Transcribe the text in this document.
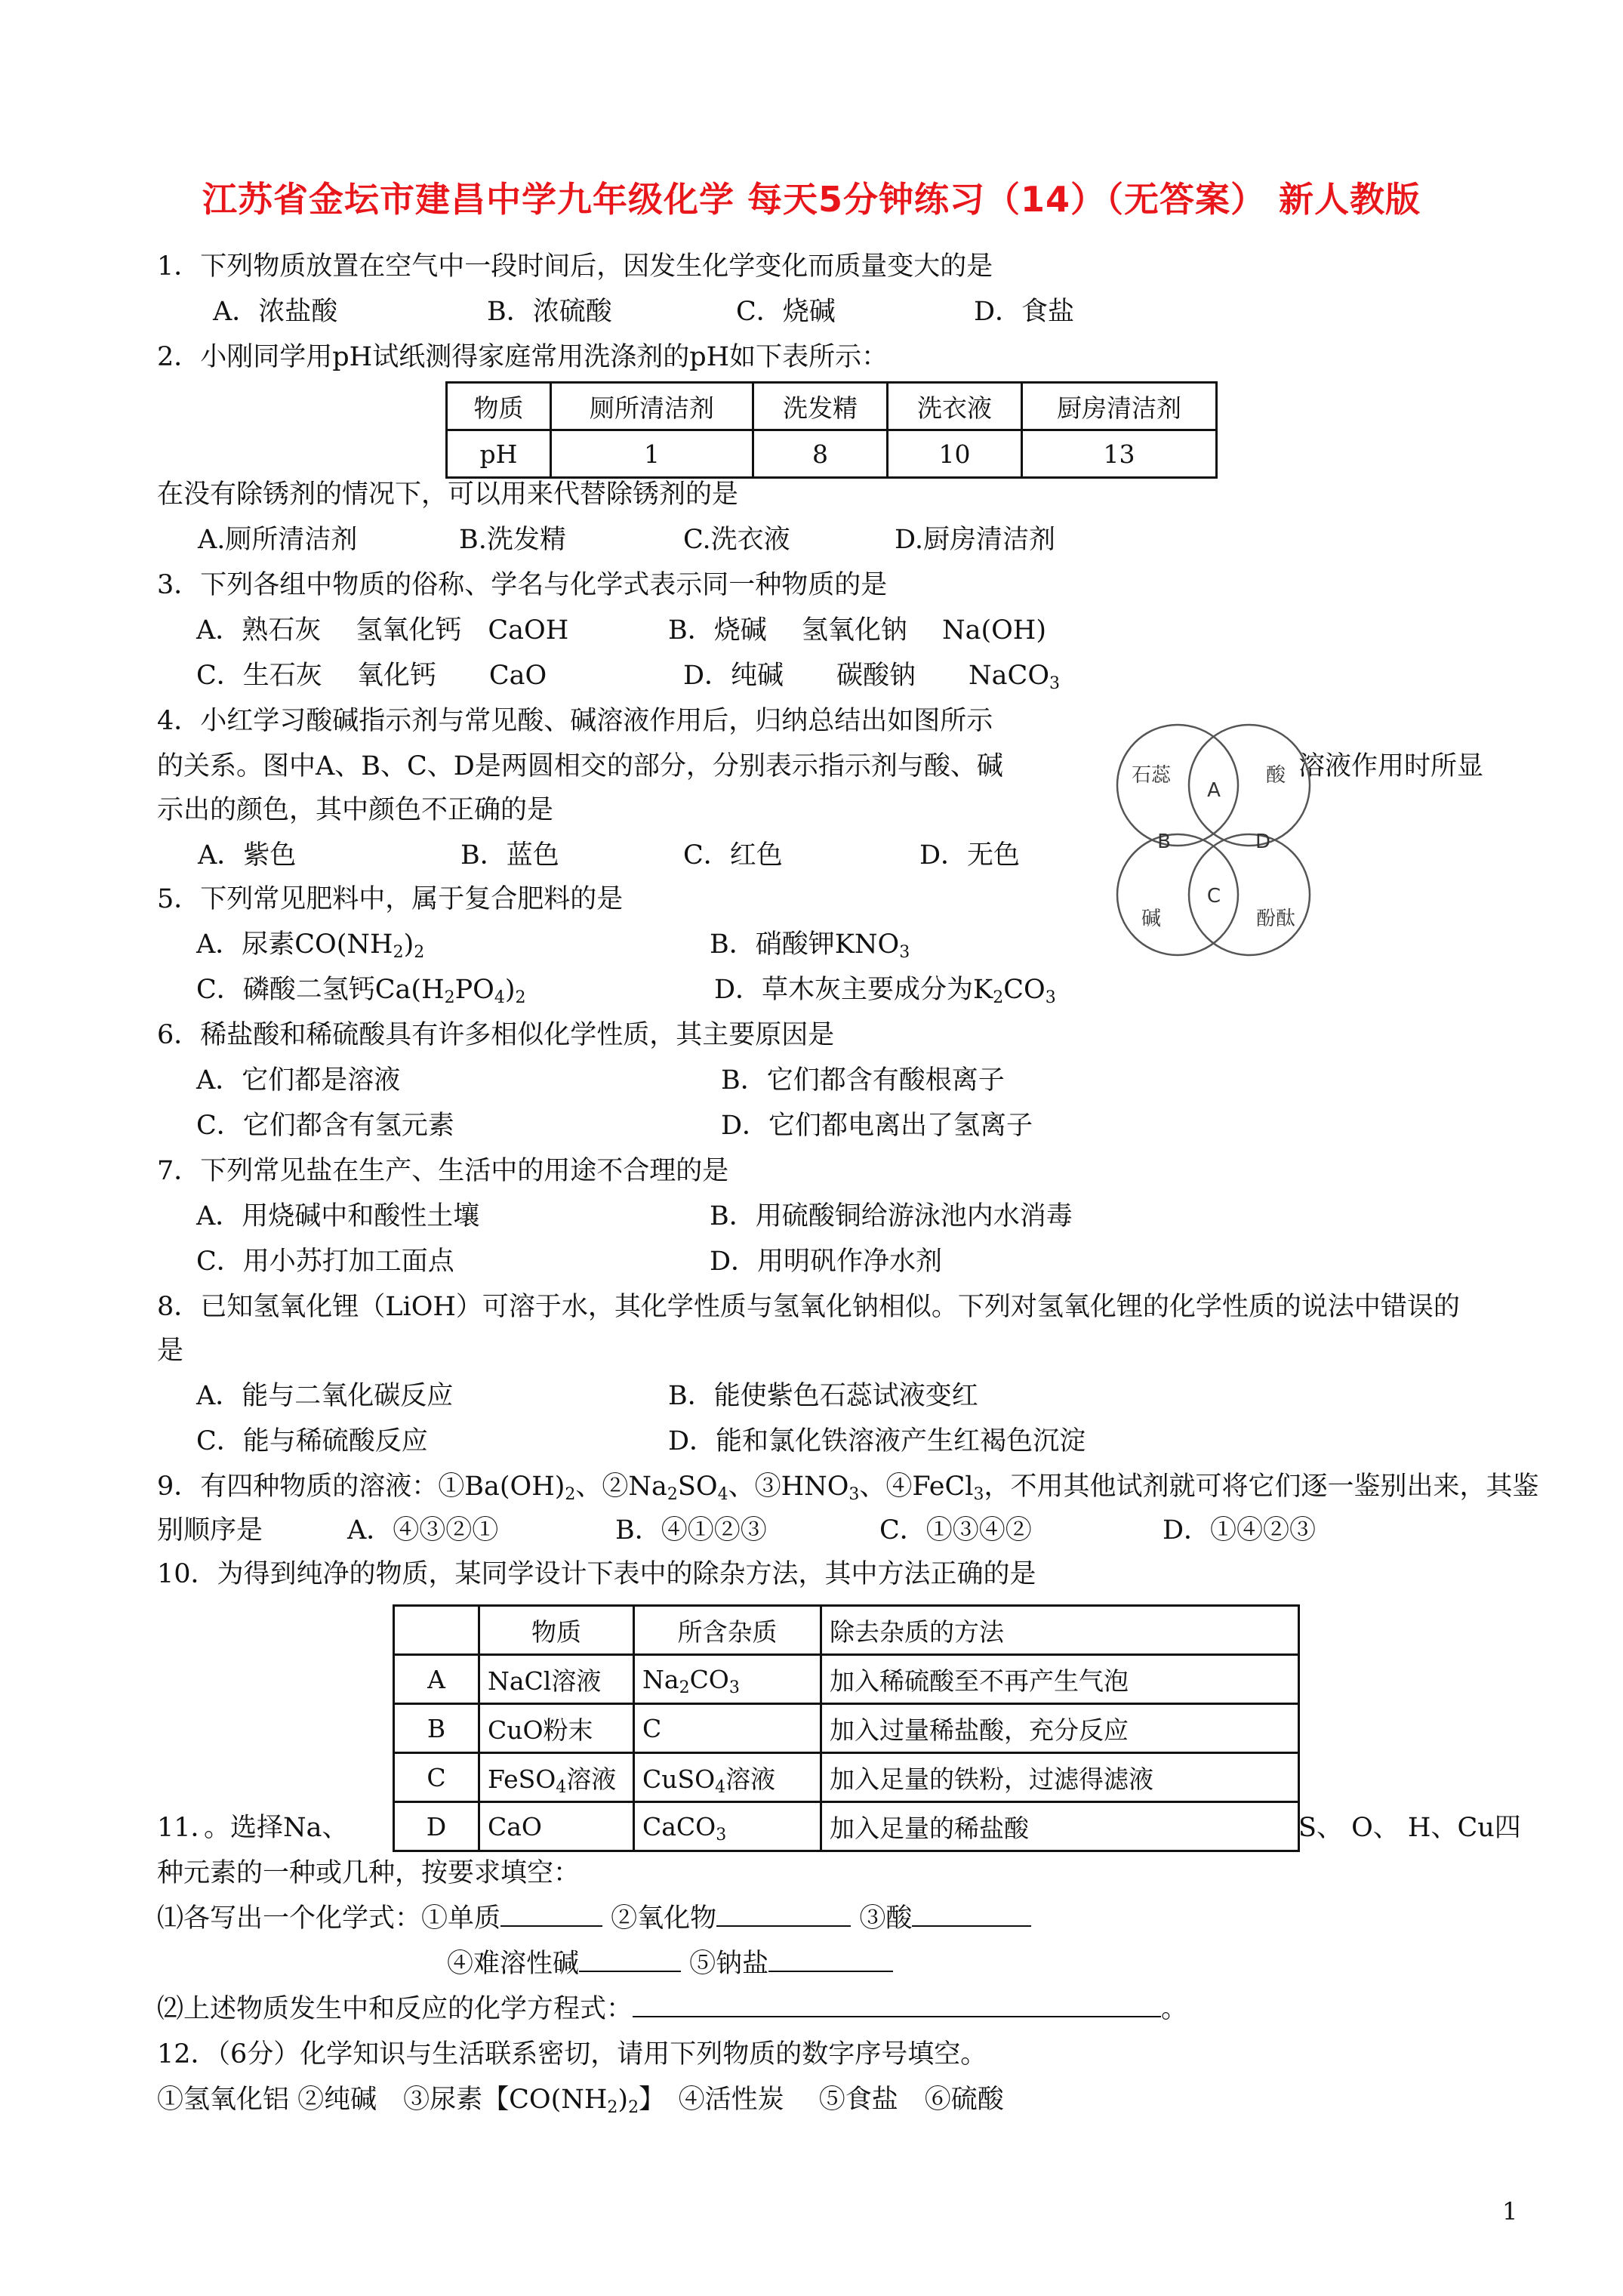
江苏省金坛市建昌中学九年级化学 每天5分钟练习（14）（无答案） 新人教版
1．下列物质放置在空气中一段时间后，因发生化学变化而质量变大的是
A．浓盐酸	B．浓硫酸	C．烧碱	D．食盐
2．小刚同学用pH试纸测得家庭常用洗涤剂的pH如下表所示：
物质	厕所清洁剂	洗发精	洗衣液	厨房清洁剂
pH	1	8	10	13
在没有除锈剂的情况下，可以用来代替除锈剂的是
A.厕所清洁剂	B.洗发精	C.洗衣液	D.厨房清洁剂
3．下列各组中物质的俗称、学名与化学式表示同一种物质的是
A．熟石灰　 氢氧化钙　CaOH	B．烧碱　 氢氧化钠　 Na(OH)
C．生石灰　 氧化钙　　CaO	D．纯碱　　碳酸钠　　NaCO$_3$
4．小红学习酸碱指示剂与常见酸、碱溶液作用后，归纳总结出如图所示
的关系。图中A、B、C、D是两圆相交的部分，分别表示指示剂与酸、碱	溶液作用时所显
示出的颜色，其中颜色不正确的是
A．紫色	B．蓝色	C．红色	D．无色
石蕊	酸
碱	酚酞
A
B
C
D
5．下列常见肥料中，属于复合肥料的是
A．尿素$CO(NH_2)_2$	B．硝酸钾$KNO_3$
C．磷酸二氢钙$Ca(H_2PO_4)_2$	D．草木灰主要成分为$K_2CO_3$
6．稀盐酸和稀硫酸具有许多相似化学性质，其主要原因是
A．它们都是溶液	B．它们都含有酸根离子
C．它们都含有氢元素	D．它们都电离出了氢离子
7．下列常见盐在生产、生活中的用途不合理的是
A．用烧碱中和酸性土壤	B．用硫酸铜给游泳池内水消毒
C．用小苏打加工面点	D．用明矾作净水剂
8．已知氢氧化锂（LiOH）可溶于水，其化学性质与氢氧化钠相似。下列对氢氧化锂的化学性质的说法中错误的
是
A．能与二氧化碳反应	B．能使紫色石蕊试液变红
C．能与稀硫酸反应	D．能和氯化铁溶液产生红褐色沉淀
9．有四种物质的溶液：$①Ba(OH)_2$、$②Na_2SO_4$、$③HNO_3$、④FeCl$_3$，不用其他试剂就可将它们逐一鉴别出来，其鉴
别顺序是	A．④③②①	B．④①②③	C．①③④②	D．①④②③
10．为得到纯净的物质，某同学设计下表中的除杂方法，其中方法正确的是
	物质	所含杂质	除去杂质的方法
A	NaCl溶液	$Na_2CO_3$	加入稀硫酸至不再产生气泡
B	CuO粉末	C	加入过量稀盐酸，充分反应
C	FeSO$_4$溶液	CuSO$_4$溶液	加入足量的铁粉，过滤得滤液
D	CaO	CaCO$_3$	加入足量的稀盐酸
11．。选择Na、	S、 O、 H、Cu四
种元素的一种或几种，按要求填空：
⑴各写出一个化学式：①单质	②氧化物	③酸
④难溶性碱	⑤钠盐
⑵上述物质发生中和反应的化学方程式：	。
12．（6分）化学知识与生活联系密切，请用下列物质的数字序号填空。
①氢氧化铝 ②纯碱　③尿素【$CO(NH_2)_2$】　④活性炭　 ⑤食盐　⑥硫酸
1
